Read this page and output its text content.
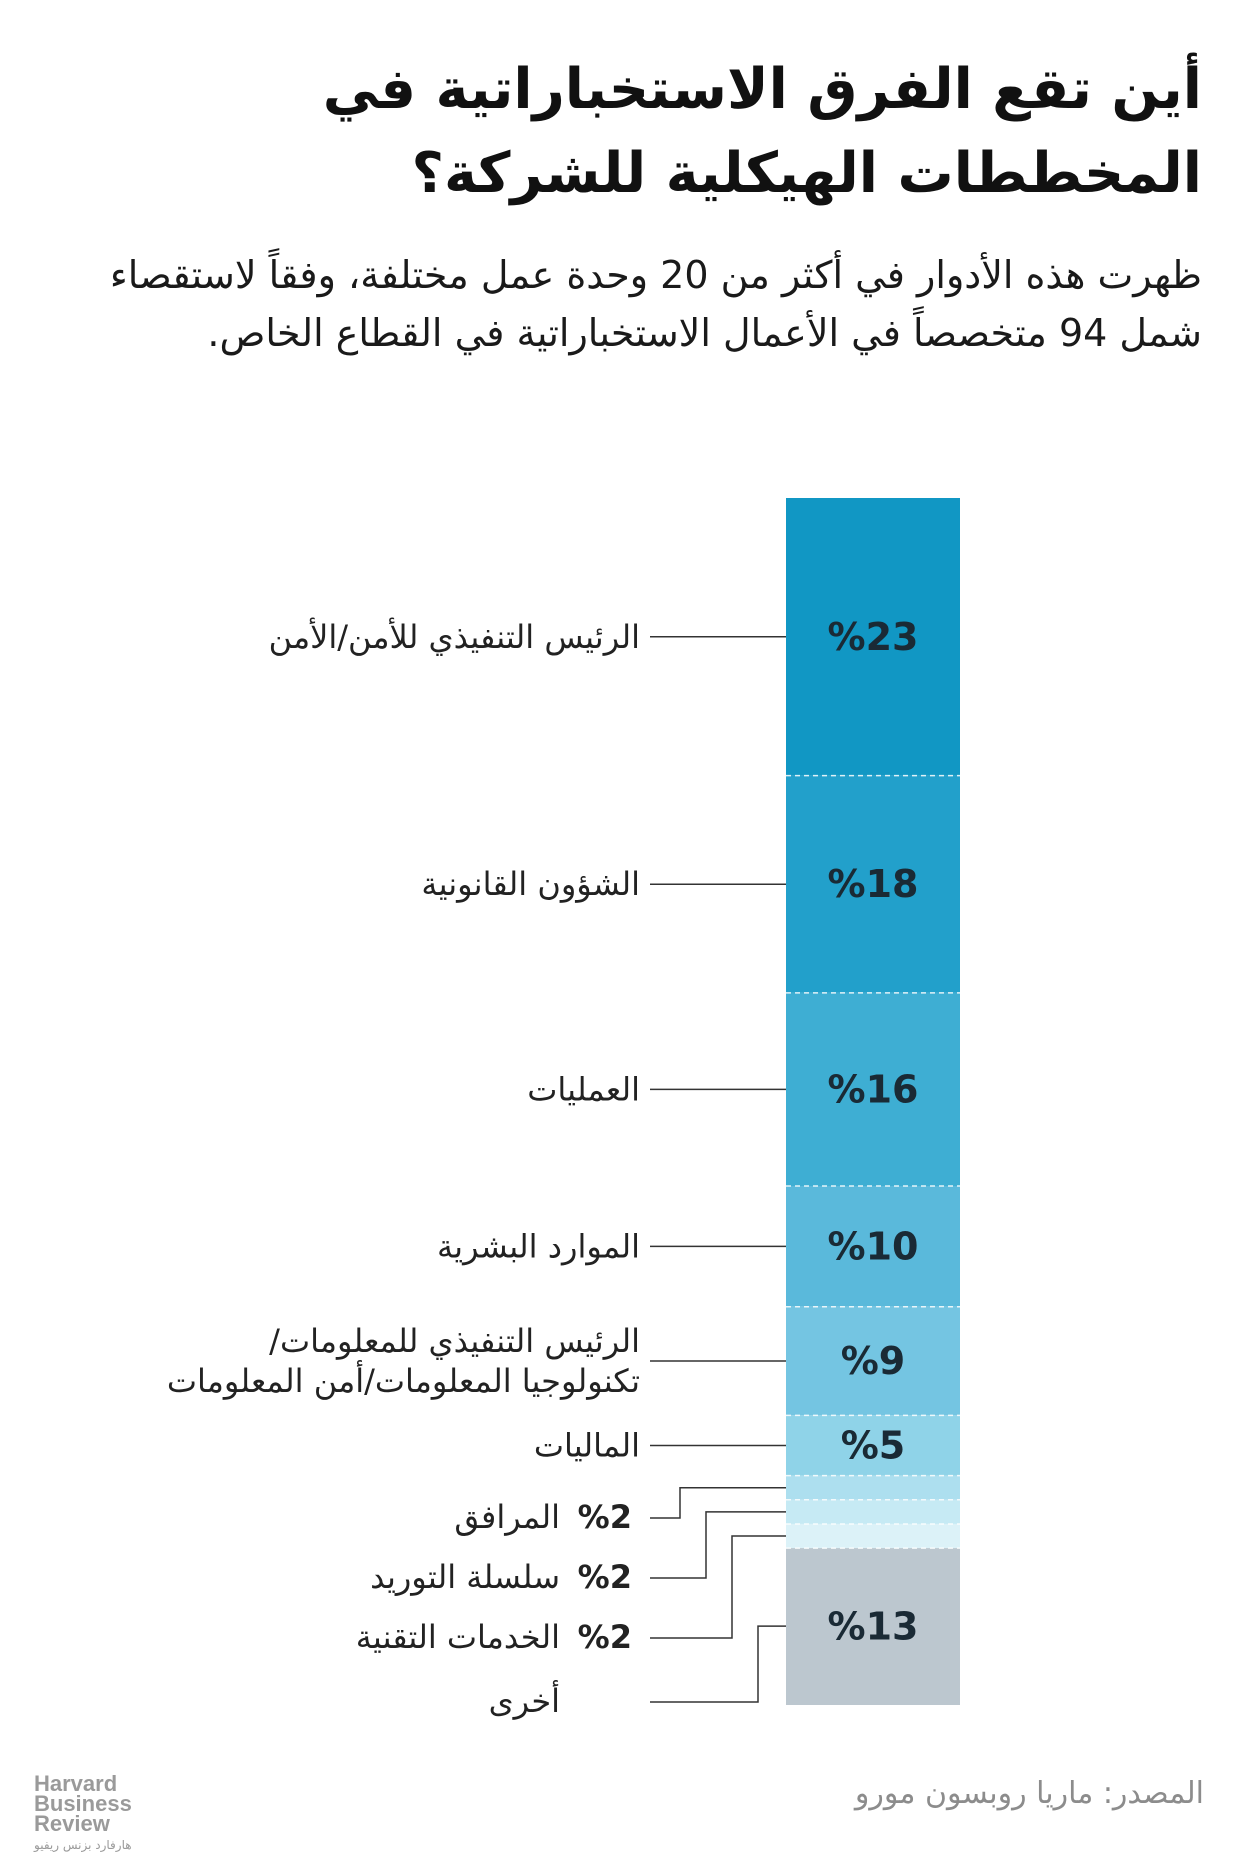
أين تقع الفرق الاستخباراتية في المخططات الهيكلية للشركة؟

ظهرت هذه الأدوار في أكثر من 20 وحدة عمل مختلفة، وفقاً لاستقصاء شمل 94 متخصصاً في الأعمال الاستخباراتية في القطاع الخاص.

%23
%18
%16
%10
%9
%5
%13
الرئيس التنفيذي للأمن/الأمن
الشؤون القانونية
العمليات
الموارد البشرية
الرئيس التنفيذي للمعلومات/
تكنولوجيا المعلومات/أمن المعلومات
الماليات
%2
المرافق
%2
سلسلة التوريد
%2
الخدمات التقنية
أخرى

المصدر: ماريا روبسون مورو

Harvard
Business
Review
هارفارد بزنس ريفيو
